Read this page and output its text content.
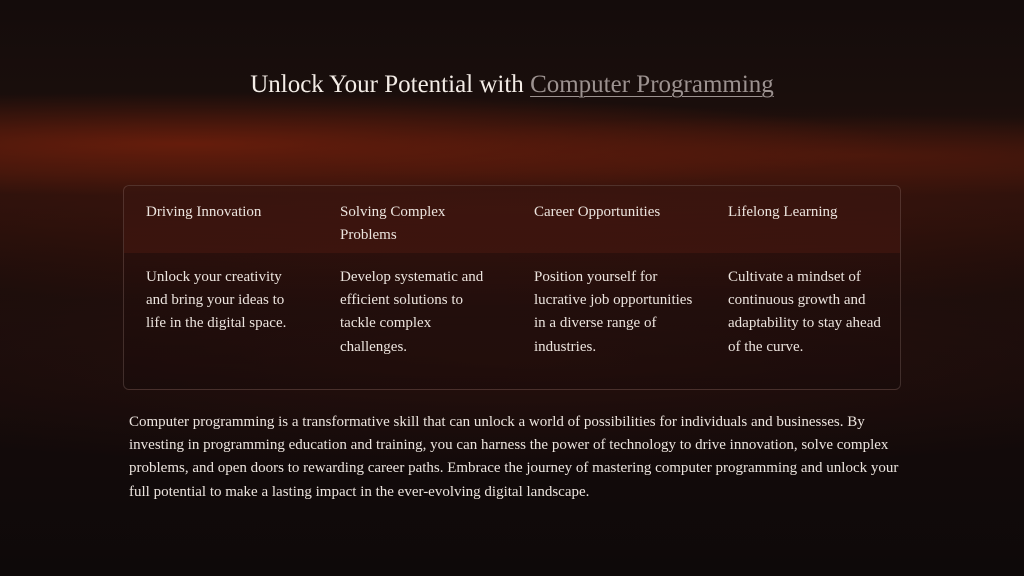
Unlock Your Potential with Computer Programming
Driving Innovation	Solving Complex Problems
Career Opportunities	Lifelong Learning
Unlock your creativity and bring your ideas to life in the digital space.
Develop systematic and efficient solutions to tackle complex challenges.
Position yourself for lucrative job opportunities in a diverse range of industries.
Cultivate a mindset of continuous growth and adaptability to stay ahead of the curve.
Computer programming is a transformative skill that can unlock a world of possibilities for individuals and businesses. By investing in programming education and training, you can harness the power of technology to drive innovation, solve complex problems, and open doors to rewarding career paths. Embrace the journey of mastering computer programming and unlock your full potential to make a lasting impact in the ever-evolving digital landscape.
